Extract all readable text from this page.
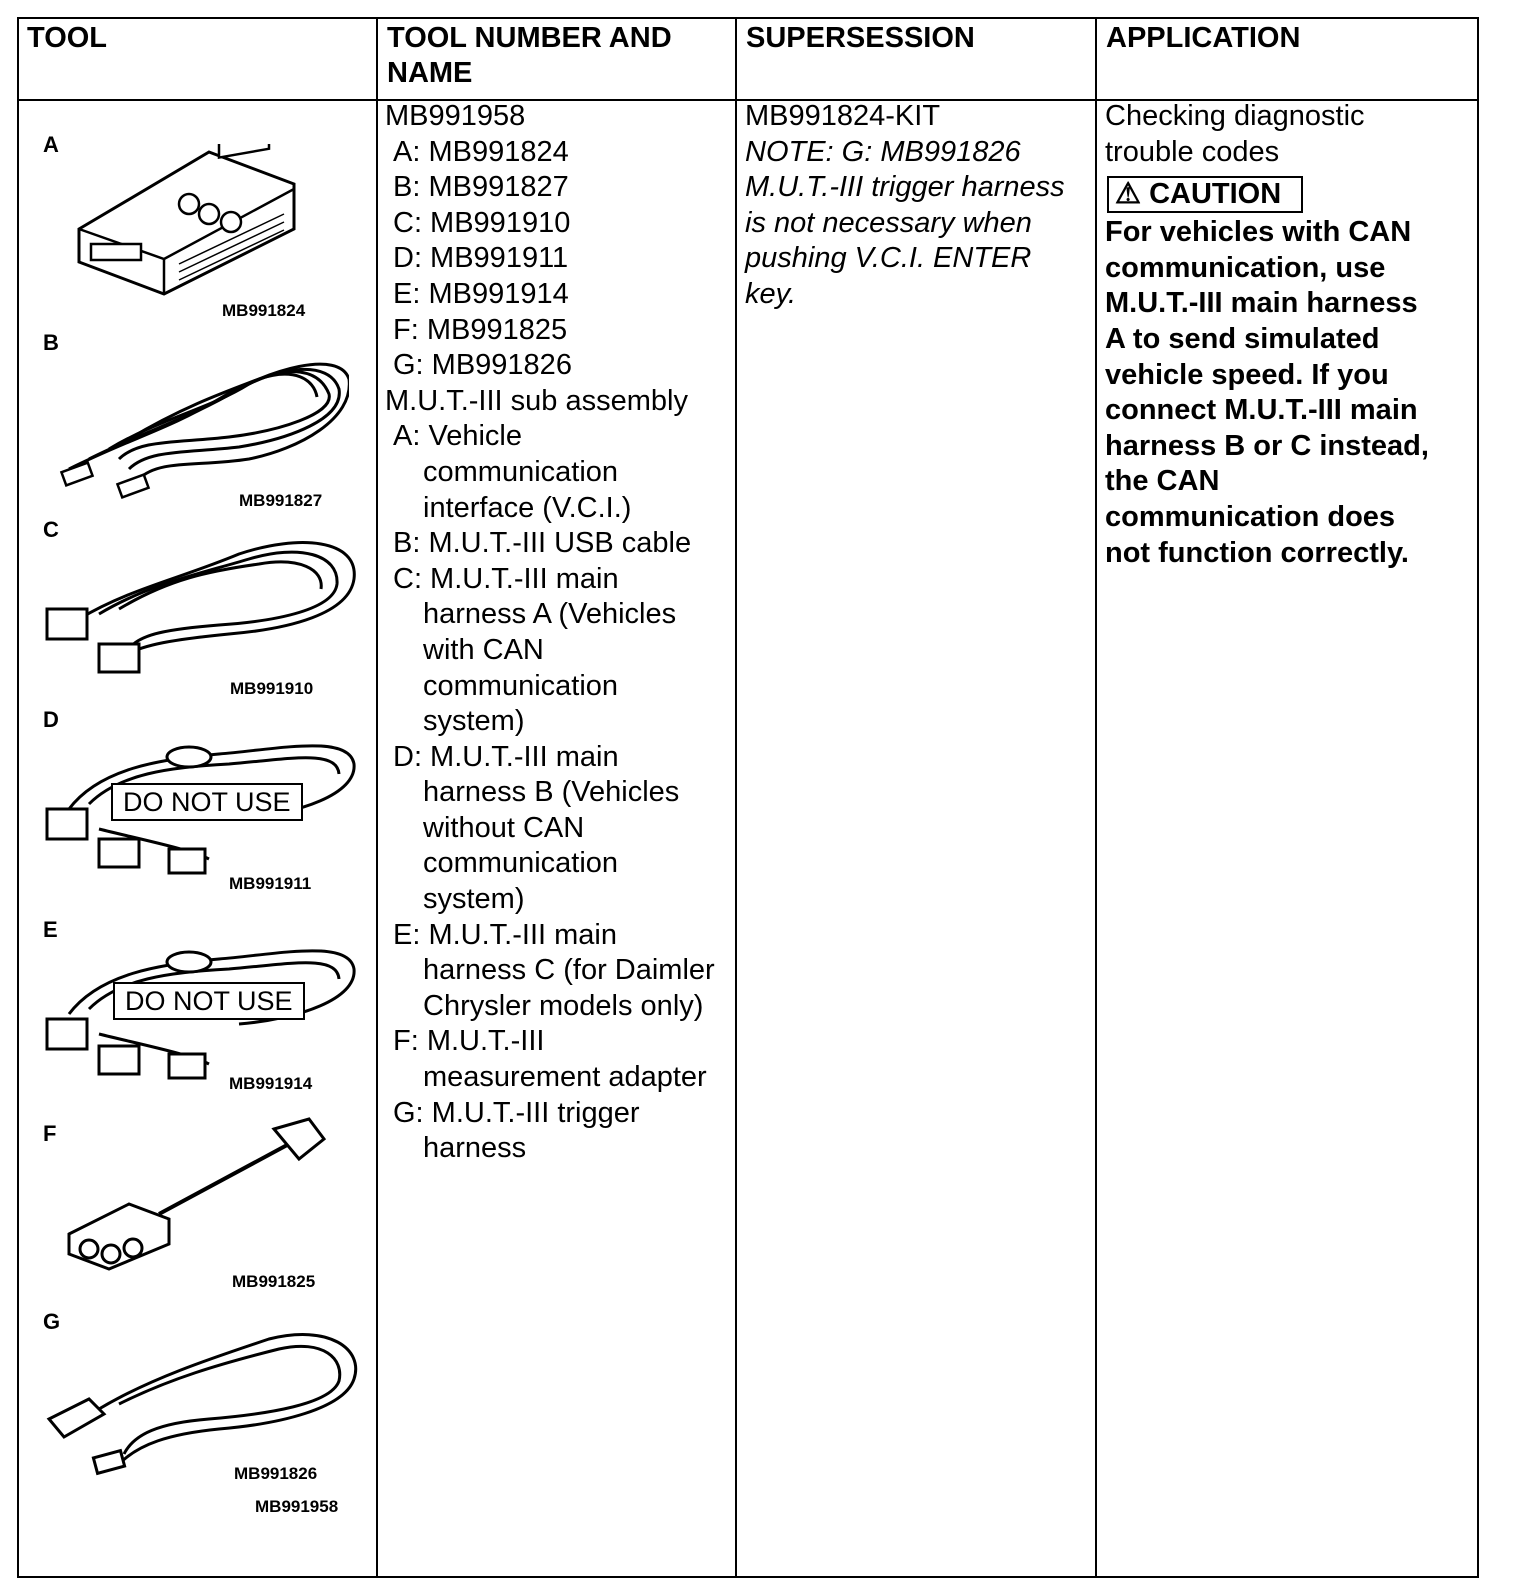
TOOL	TOOL NUMBER AND
NAME
SUPERSESSION	APPLICATION
A
MB991824
B
MB991827
C
MB991910
D
DO NOT USE
MB991911
E
DO NOT USE
MB991914
F
MB991825
G
MB991826
MB991958
MB991958
A: MB991824
B: MB991827
C: MB991910
D: MB991911
E: MB991914
F: MB991825
G: MB991826
M.U.T.-III sub assembly
A: Vehicle
communication
interface (V.C.I.)
B: M.U.T.-III USB cable
C: M.U.T.-III main
harness A (Vehicles
with CAN
communication
system)
D: M.U.T.-III main
harness B (Vehicles
without CAN
communication
system)
E: M.U.T.-III main
harness C (for Daimler
Chrysler models only)
F: M.U.T.-III
measurement adapter
G: M.U.T.-III trigger
harness
MB991824-KIT
NOTE: G: MB991826
M.U.T.-III trigger harness
is not necessary when
pushing V.C.I. ENTER
key.
Checking diagnostic
trouble codes
⚠ CAUTION
For vehicles with CAN
communication, use
M.U.T.-III main harness
A to send simulated
vehicle speed. If you
connect M.U.T.-III main
harness B or C instead,
the CAN
communication does
not function correctly.
